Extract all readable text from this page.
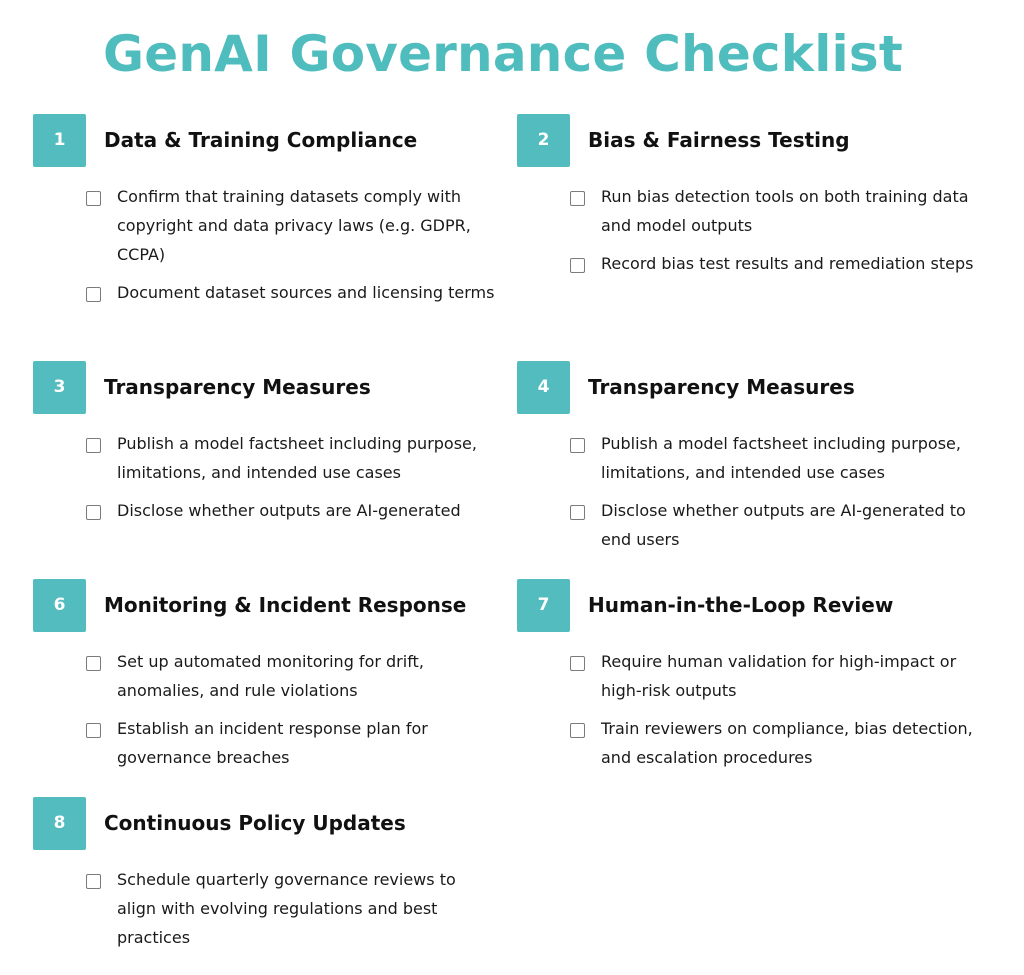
GenAI Governance Checklist
1	Data & Training Compliance
Confirm that training datasets comply with copyright and data privacy laws (e.g. GDPR, CCPA)
Document dataset sources and licensing terms
2	Bias & Fairness Testing
Run bias detection tools on both training data and model outputs
Record bias test results and remediation steps
3	Transparency Measures
Publish a model factsheet including purpose, limitations, and intended use cases
Disclose whether outputs are AI-generated
4	Transparency Measures
Publish a model factsheet including purpose, limitations, and intended use cases
Disclose whether outputs are AI-generated to end users
6	Monitoring & Incident Response
Set up automated monitoring for drift, anomalies, and rule violations
Establish an incident response plan for governance breaches
7	Human-in-the-Loop Review
Require human validation for high-impact or high-risk outputs
Train reviewers on compliance, bias detection, and escalation procedures
8	Continuous Policy Updates
Schedule quarterly governance reviews to align with evolving regulations and best practices
